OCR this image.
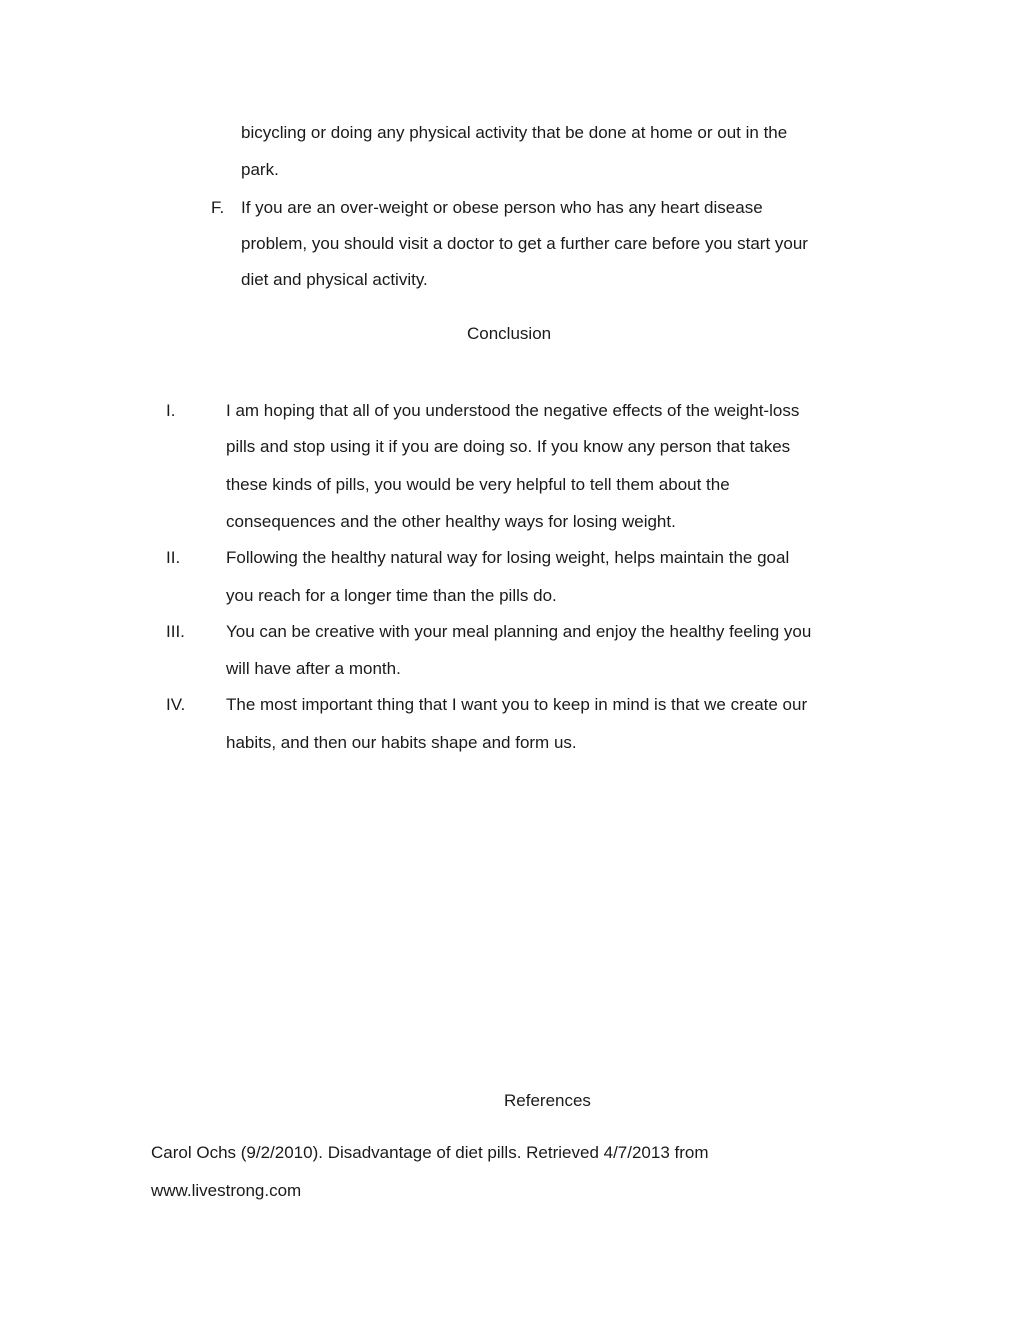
bicycling or doing any physical activity that be done at home or out in the
park.
F. If you are an over-weight or obese person who has any heart disease
problem, you should visit a doctor to get a further care before you start your
diet and physical activity.
Conclusion
I.	I am hoping that all of you understood the negative effects of the weight-loss
pills and stop using it if you are doing so. If you know any person that takes
these kinds of pills, you would be very helpful to tell them about the
consequences and the other healthy ways for losing weight.
II.	Following the healthy natural way for losing weight, helps maintain the goal
you reach for a longer time than the pills do.
III. You can be creative with your meal planning and enjoy the healthy feeling you
will have after a month.
IV. The most important thing that I want you to keep in mind is that we create our
habits, and then our habits shape and form us.
References
Carol Ochs (9/2/2010). Disadvantage of diet pills. Retrieved 4/7/2013 from
www.livestrong.com
